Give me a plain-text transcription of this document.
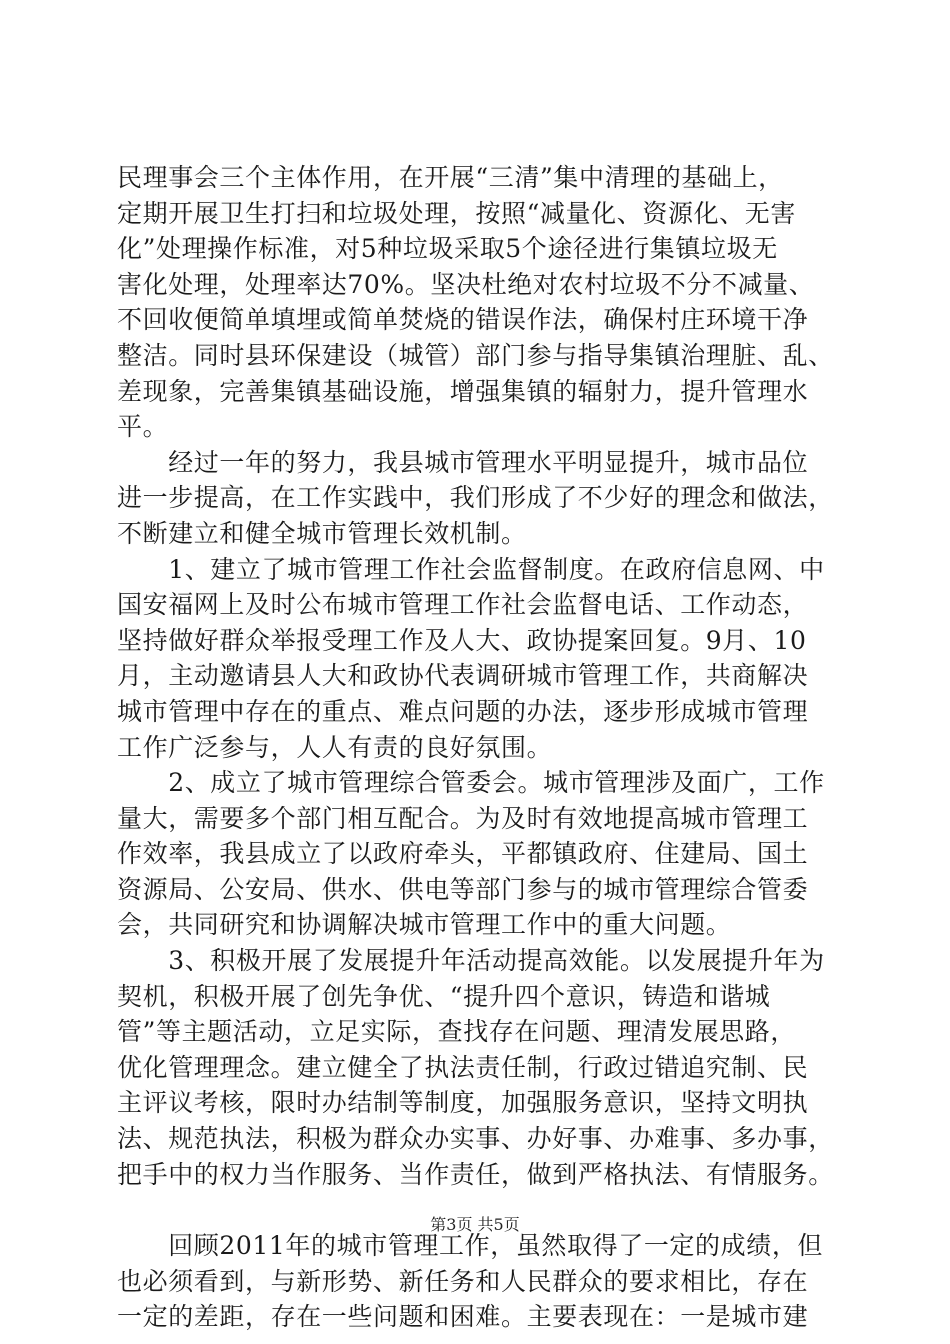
民理事会三个主体作用，在开展“三清”集中清理的基础上，
定期开展卫生打扫和垃圾处理，按照“减量化、资源化、无害
化”处理操作标准，对5种垃圾采取5个途径进行集镇垃圾无
害化处理，处理率达70%。坚决杜绝对农村垃圾不分不减量、
不回收便简单填埋或简单焚烧的错误作法，确保村庄环境干净
整洁。同时县环保建设（城管）部门参与指导集镇治理脏、乱、
差现象，完善集镇基础设施，增强集镇的辐射力，提升管理水
平。
　　经过一年的努力，我县城市管理水平明显提升，城市品位
进一步提高，在工作实践中，我们形成了不少好的理念和做法，
不断建立和健全城市管理长效机制。
　　1、建立了城市管理工作社会监督制度。在政府信息网、中
国安福网上及时公布城市管理工作社会监督电话、工作动态，
坚持做好群众举报受理工作及人大、政协提案回复。9月、10
月，主动邀请县人大和政协代表调研城市管理工作，共商解决
城市管理中存在的重点、难点问题的办法，逐步形成城市管理
工作广泛参与，人人有责的良好氛围。
　　2、成立了城市管理综合管委会。城市管理涉及面广，工作
量大，需要多个部门相互配合。为及时有效地提高城市管理工
作效率，我县成立了以政府牵头，平都镇政府、住建局、国土
资源局、公安局、供水、供电等部门参与的城市管理综合管委
会，共同研究和协调解决城市管理工作中的重大问题。
　　3、积极开展了发展提升年活动提高效能。以发展提升年为
契机，积极开展了创先争优、“提升四个意识，铸造和谐城
管”等主题活动，立足实际，查找存在问题、理清发展思路，
优化管理理念。建立健全了执法责任制，行政过错追究制、民
主评议考核，限时办结制等制度，加强服务意识，坚持文明执
法、规范执法，积极为群众办实事、办好事、办难事、多办事，
把手中的权力当作服务、当作责任，做到严格执法、有情服务。
　　回顾2011年的城市管理工作，虽然取得了一定的成绩，但
也必须看到，与新形势、新任务和人民群众的要求相比，存在
一定的差距，存在一些问题和困难。主要表现在：一是城市建
第3页 共5页
